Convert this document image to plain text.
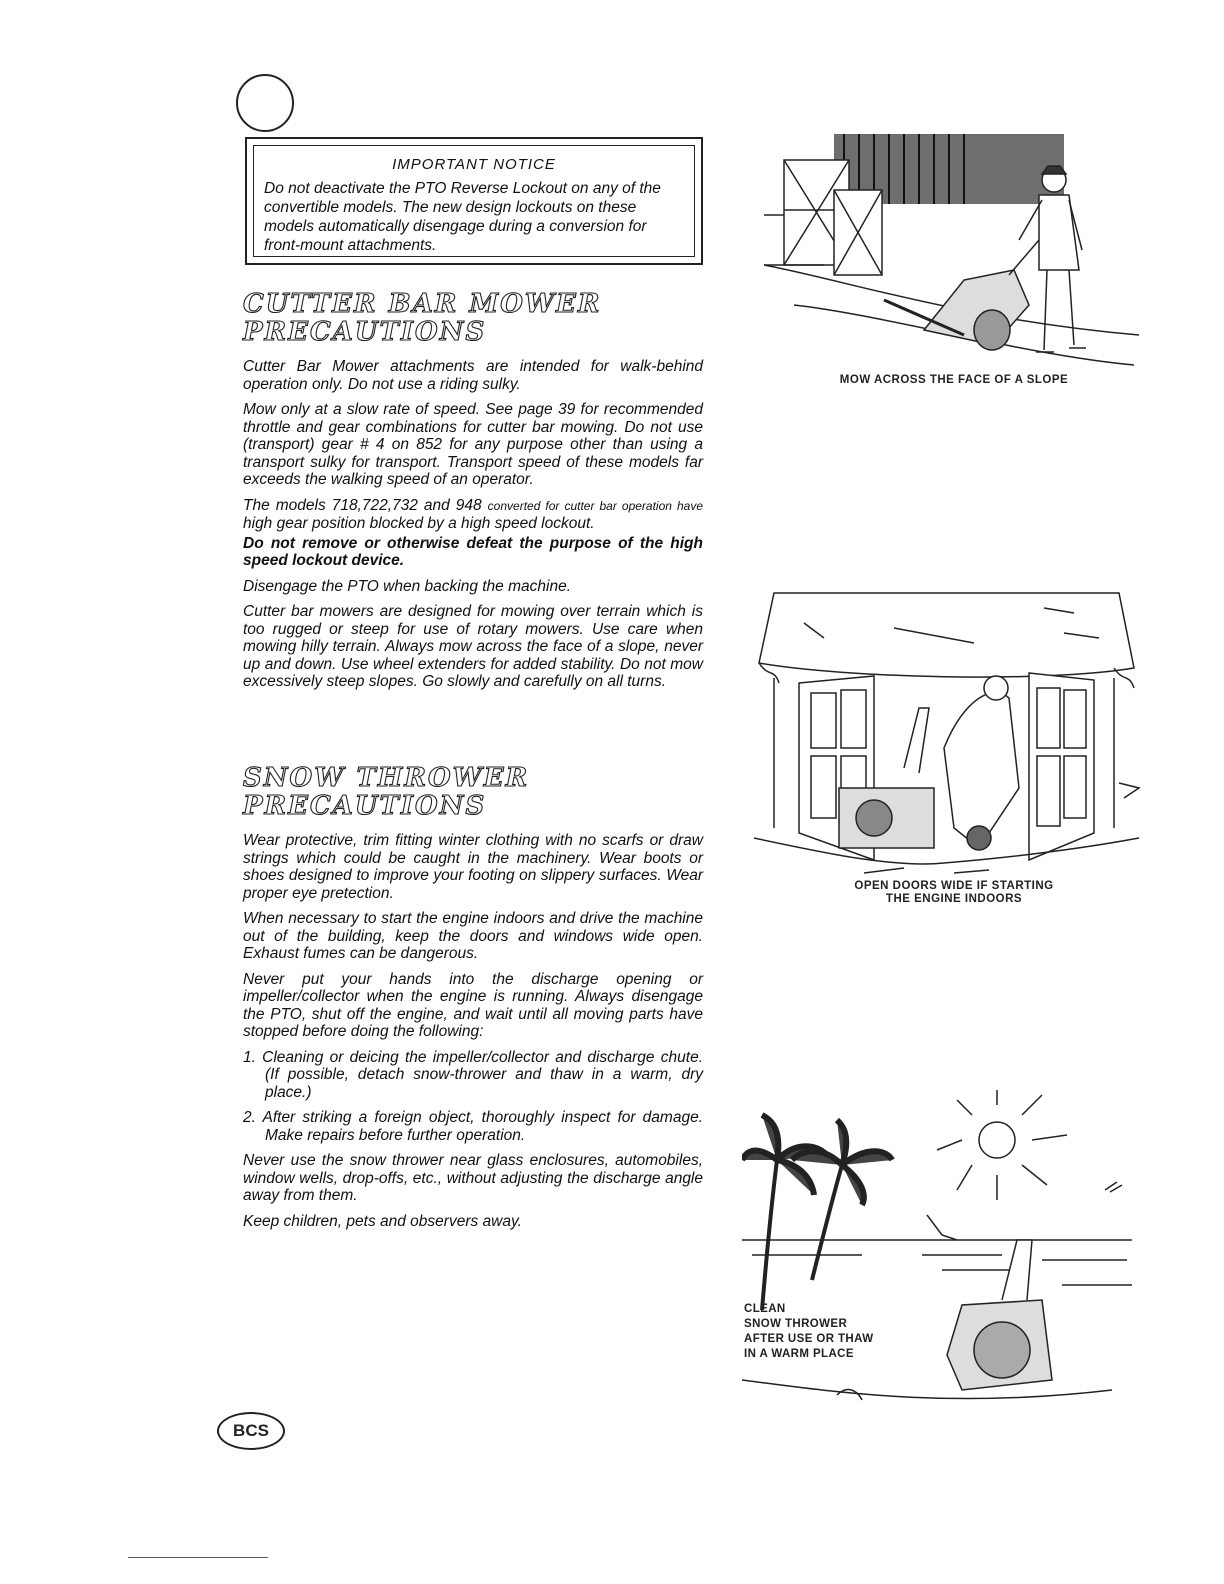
IMPORTANT NOTICE
Do not deactivate the PTO Reverse Lockout on any of the convertible models. The new design lockouts on these models automatically disengage during a conversion for front-mount attachments.
CUTTER BAR MOWER
PRECAUTIONS

Cutter Bar Mower attachments are intended for walk-behind operation only. Do not use a riding sulky.

Mow only at a slow rate of speed. See page 39 for recommended throttle and gear combinations for cutter bar mowing. Do not use (transport) gear # 4 on 852 for any purpose other than using a transport sulky for transport. Transport speed of these models far exceeds the walking speed of an operator.

The models 718,722,732 and 948 converted for cutter bar operation have high gear position blocked by a high speed lockout.

Do not remove or otherwise defeat the purpose of the high speed lockout device.

Disengage the PTO when backing the machine.

Cutter bar mowers are designed for mowing over terrain which is too rugged or steep for use of rotary mowers. Use care when mowing hilly terrain. Always mow across the face of a slope, never up and down. Use wheel extenders for added stability. Do not mow excessively steep slopes. Go slowly and carefully on all turns.

SNOW THROWER PRECAUTIONS

Wear protective, trim fitting winter clothing with no scarfs or draw strings which could be caught in the machinery. Wear boots or shoes designed to improve your footing on slippery surfaces. Wear proper eye pretection.

When necessary to start the engine indoors and drive the machine out of the building, keep the doors and windows wide open. Exhaust fumes can be dangerous.

Never put your hands into the discharge opening or impeller/collector when the engine is running. Always disengage the PTO, shut off the engine, and wait until all moving parts have stopped before doing the following:

1. Cleaning or deicing the impeller/collector and discharge chute. (If possible, detach snow-thrower and thaw in a warm, dry place.)

2. After striking a foreign object, thoroughly inspect for damage. Make repairs before further operation.

Never use the snow thrower near glass enclosures, automobiles, window wells, drop-offs, etc., without adjusting the discharge angle away from them.

Keep children, pets and observers away.

MOW ACROSS THE FACE OF A SLOPE
OPEN DOORS WIDE IF STARTING
THE ENGINE INDOORS
CLEAN
SNOW THROWER
AFTER USE OR THAW
IN A WARM PLACE
BCS
